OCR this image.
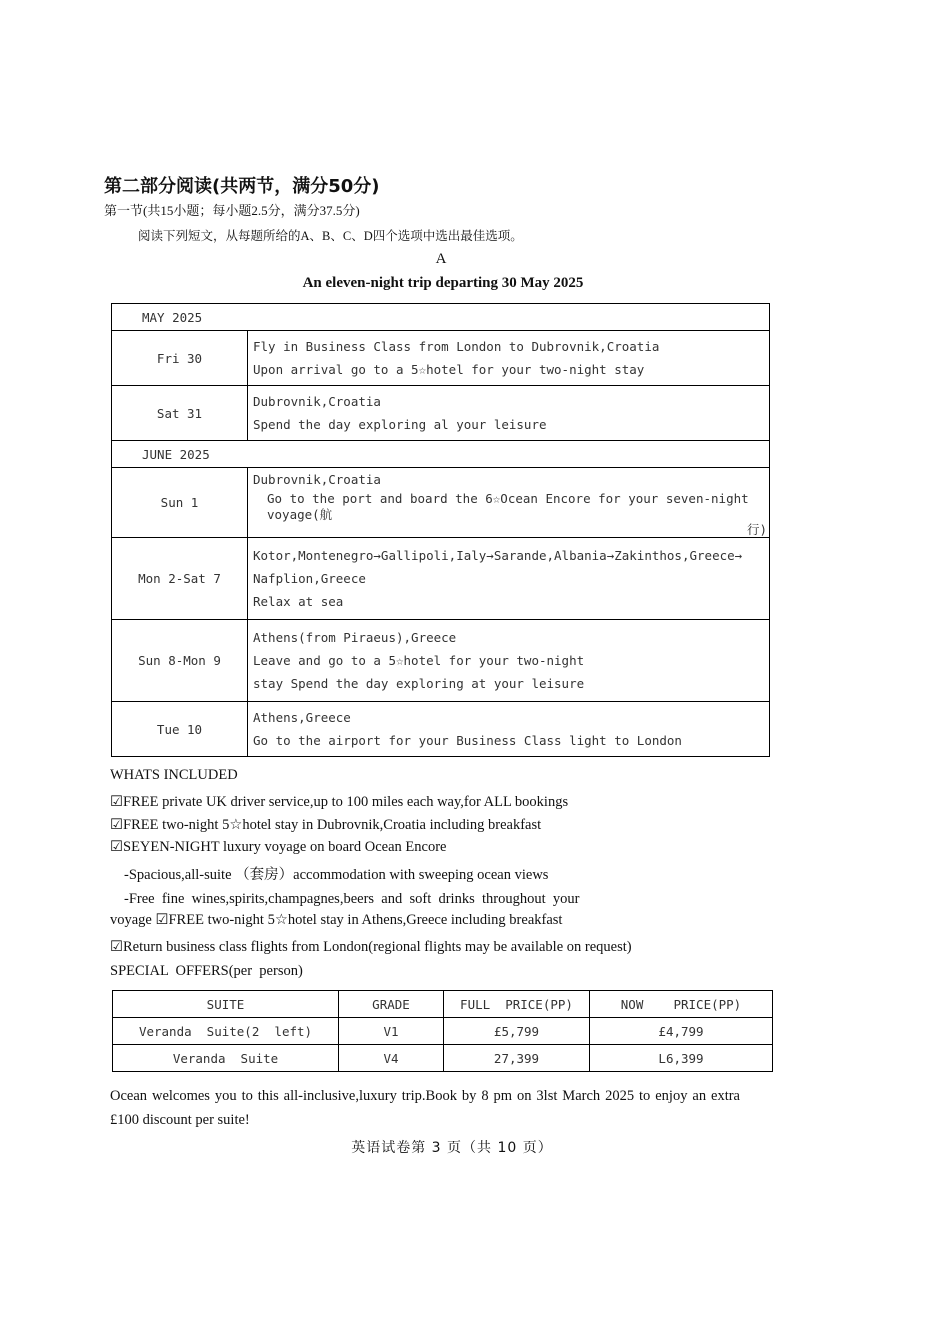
第二部分阅读(共两节，满分50分)
第一节(共15小题；每小题2.5分，满分37.5分)
阅读下列短文，从每题所给的A、B、C、D四个选项中选出最佳选项。
A
An eleven-night trip departing 30 May 2025
MAY 2025	
Fri 30	Fly in Business Class from London to Dubrovnik,Croatia
Upon arrival go to a 5☆hotel for your two-night stay

Sat 31	Dubrovnik,Croatia
Spend the day exploring al your leisure

JUNE 2025	
Sun 1	Dubrovnik,Croatia
Go to the port and board the 6☆Ocean Encore for your seven-night voyage(航
行)

Mon 2-Sat 7	Kotor,Montenegro→Gallipoli,Ialy→Sarande,Albania→Zakinthos,Greece→
Nafplion,Greece
Relax at sea

Sun 8-Mon 9	Athens(from Piraeus),Greece
Leave and go to a 5☆hotel for your two-night
stay Spend the day exploring at your leisure

Tue 10	Athens,Greece
Go to the airport for your Business Class light to London
WHATS INCLUDED
☑FREE private UK driver service,up to 100 miles each way,for ALL bookings
☑FREE two-night 5☆hotel stay in Dubrovnik,Croatia including breakfast
☑SEYEN-NIGHT luxury voyage on board Ocean Encore
-Spacious,all-suite （套房）accommodation with sweeping ocean views
-Free  fine  wines,spirits,champagnes,beers  and  soft  drinks  throughout  your
voyage ☑FREE two-night 5☆hotel stay in Athens,Greece including breakfast
☑Return business class flights from London(regional flights may be available on request)
SPECIAL  OFFERS(per  person)
SUITE	GRADE	FULL  PRICE(PP)	NOW    PRICE(PP)
Veranda  Suite(2  left)	V1	£5,799	£4,799
Veranda  Suite	V4	27,399	L6,399
Ocean welcomes you to this all-inclusive,luxury trip.Book by 8 pm on 3lst March 2025 to enjoy an extra £100 discount per suite!
英语试卷第 3 页（共 10 页）
